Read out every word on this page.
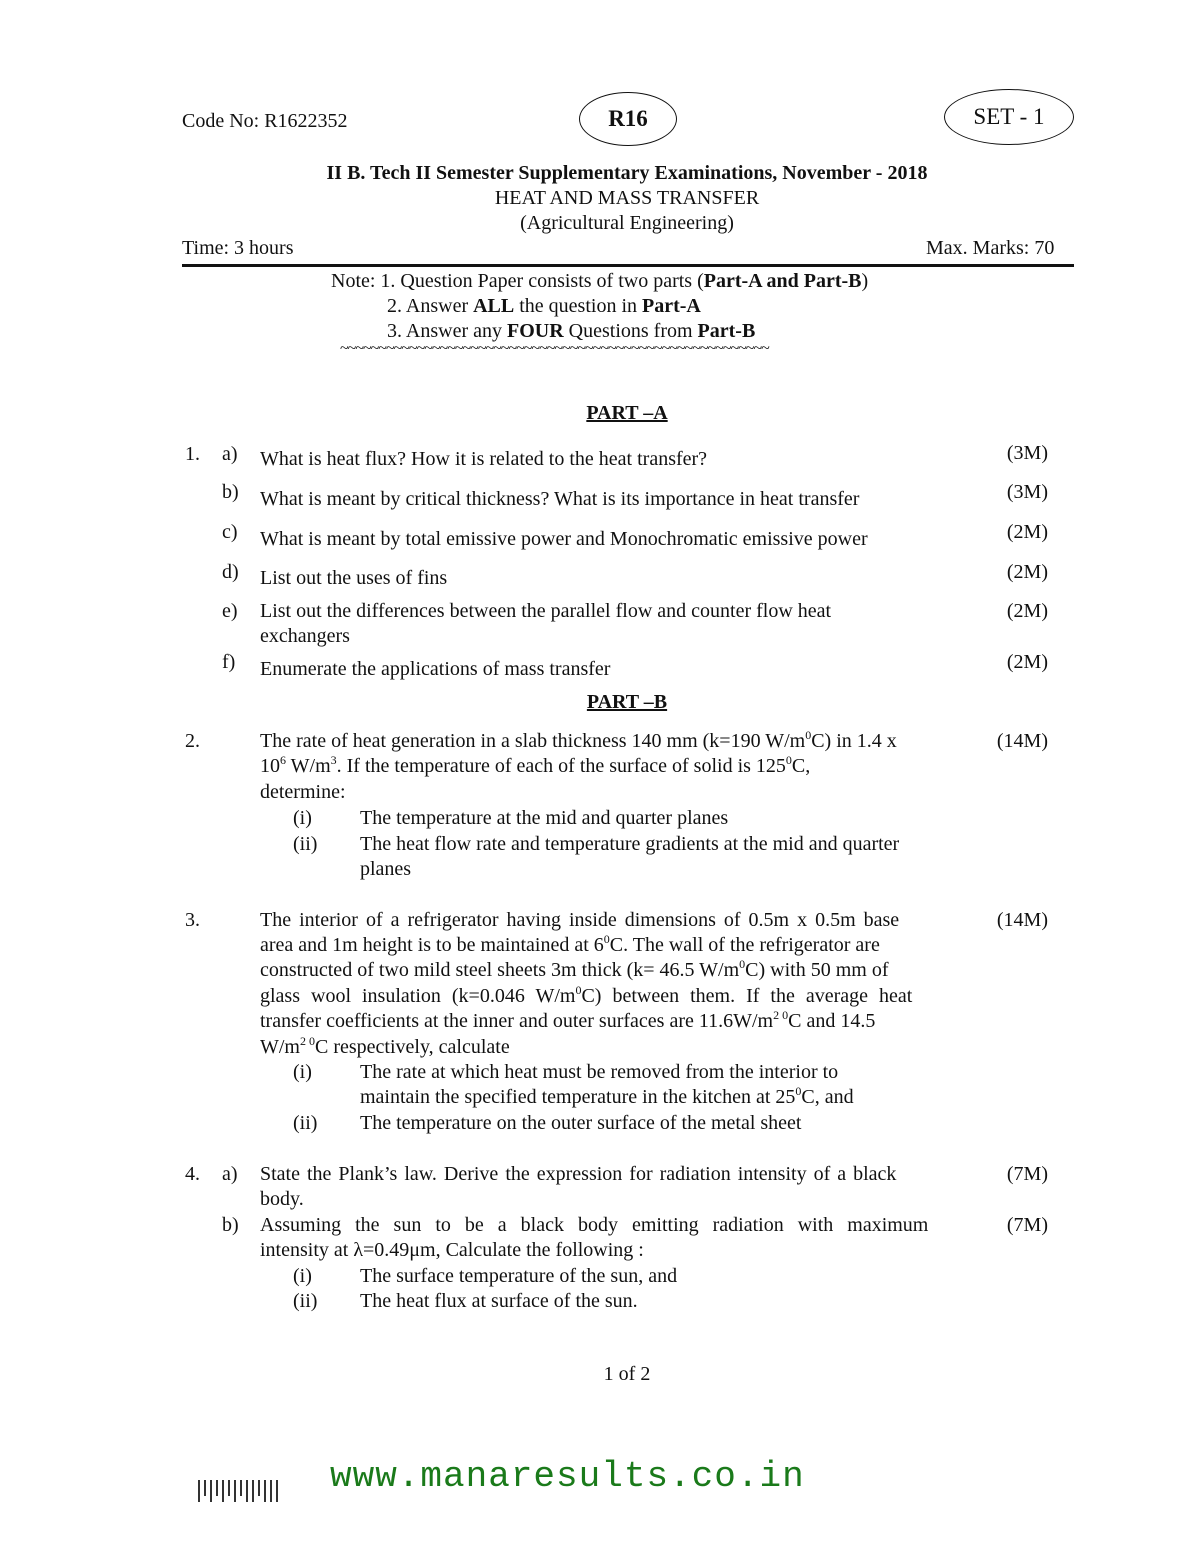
Code No: R1622352	R16	SET - 1
II B. Tech II Semester Supplementary Examinations, November - 2018
HEAT AND MASS TRANSFER
(Agricultural Engineering)
Time: 3 hours	Max. Marks: 70
Note: 1. Question Paper consists of two parts (Part-A and Part-B)
2. Answer ALL the question in Part-A
3. Answer any FOUR Questions from Part-B
~~~~~~~~~~~~~~~~~~~~~~~~~~~~~~~~~~~~~~~~~~~~~~~~~~~~~~~~
PART –A
1. a) What is heat flux? How it is related to the heat transfer?	(3M)
b) What is meant by critical thickness? What is its importance in heat transfer	(3M)
c) What is meant by total emissive power and Monochromatic emissive power	(2M)
d) List out the uses of fins	(2M)
e) List out the differences between the parallel flow and counter flow heat
exchangers
(2M)
f) Enumerate the applications of mass transfer	(2M)
PART –B
2.	(14M)
The rate of heat generation in a slab thickness 140 mm (k=190 $W/m^0C$) in 1.4 x
$10^6$ $W/m^3$. If the temperature of each of the surface of solid is $125^0C$,
determine:
(i) The temperature at the mid and quarter planes
(ii) The heat flow rate and temperature gradients at the mid and quarter
planes
3.	(14M)
The interior of a refrigerator having inside dimensions of 0.5m x 0.5m base
area and 1m height is to be maintained at $6^0C$. The wall of the refrigerator are
constructed of two mild steel sheets 3m thick (k= 46.5 $W/m^0C$) with 50 mm of
glass wool insulation (k=0.046 $W/m^0C$) between them. If the average heat
transfer coefficients at the inner and outer surfaces are $11.6W/m^{2 0}C$ and 14.5
$W/m^{2 0}C$ respectively, calculate
(i) The rate at which heat must be removed from the interior to
maintain the specified temperature in the kitchen at $25^0C$, and
(ii) The temperature on the outer surface of the metal sheet
4. a) State the Plank’s law. Derive the expression for radiation intensity of a black
body.
(7M)
b) Assuming the sun to be a black body emitting radiation with maximum
intensity at λ=0.49μm, Calculate the following :
(7M)
(i) The surface temperature of the sun, and
(ii) The heat flux at surface of the sun.
1 of 2
www.manaresults.co.in
